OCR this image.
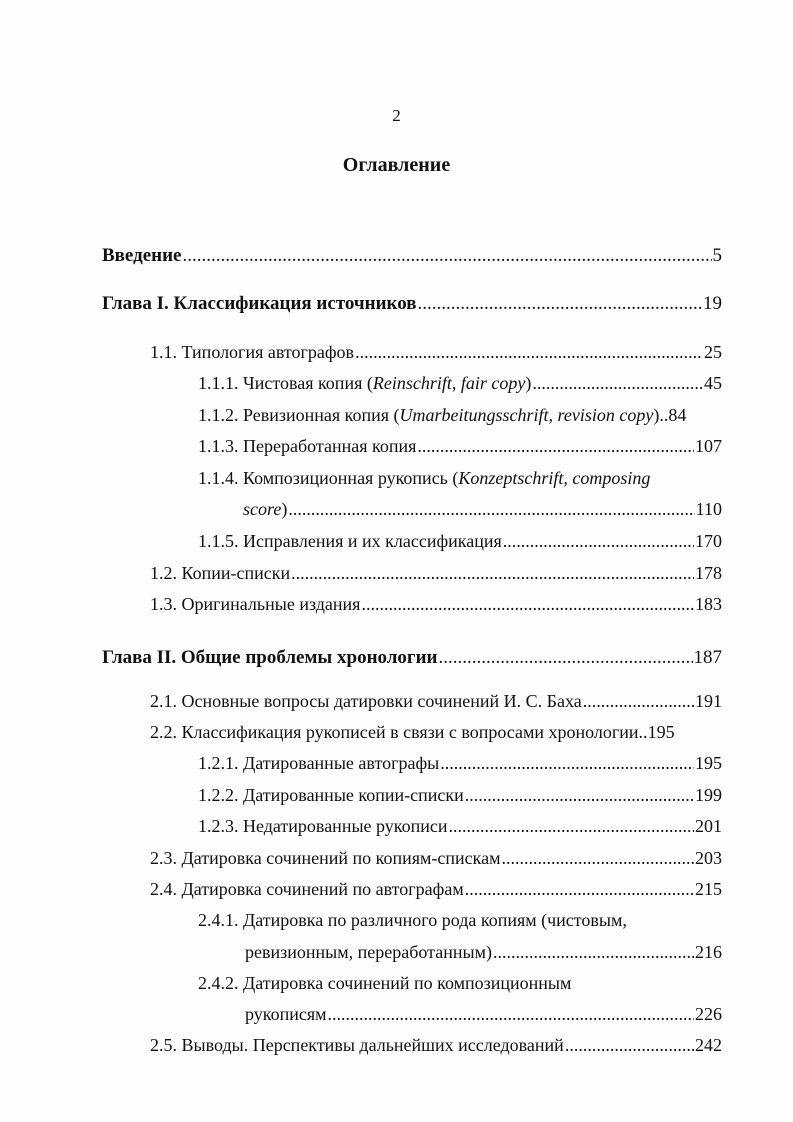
2
Оглавление
Введение .....	5
Глава I. Классификация источников .....	19
1.1. Типология автографов .....	25
1.1.1. Чистовая копия (Reinschrift, fair copy) .....	45
1.1.2. Ревизионная копия (Umarbeitungsschrift, revision copy).. 84
1.1.3. Переработанная копия .....	107
1.1.4. Композиционная рукопись (Konzeptschrift, composing
score) .....	110
1.1.5. Исправления и их классификация .....	170
1.2. Копии-списки .....	178
1.3. Оригинальные издания .....	183
Глава II. Общие проблемы хронологии .....	187
2.1. Основные вопросы датировки сочинений И. С. Баха .....	191
2.2. Классификация рукописей в связи с вопросами хронологии.. 195
1.2.1. Датированные автографы .....	195
1.2.2. Датированные копии-списки .....	199
1.2.3. Недатированные рукописи .....	201
2.3. Датировка сочинений по копиям-спискам .....	203
2.4. Датировка сочинений по автографам .....	215
2.4.1. Датировка по различного рода копиям (чистовым,
ревизионным, переработанным) .....	216
2.4.2. Датировка сочинений по композиционным
рукописям .....	226
2.5. Выводы. Перспективы дальнейших исследований .....	242
